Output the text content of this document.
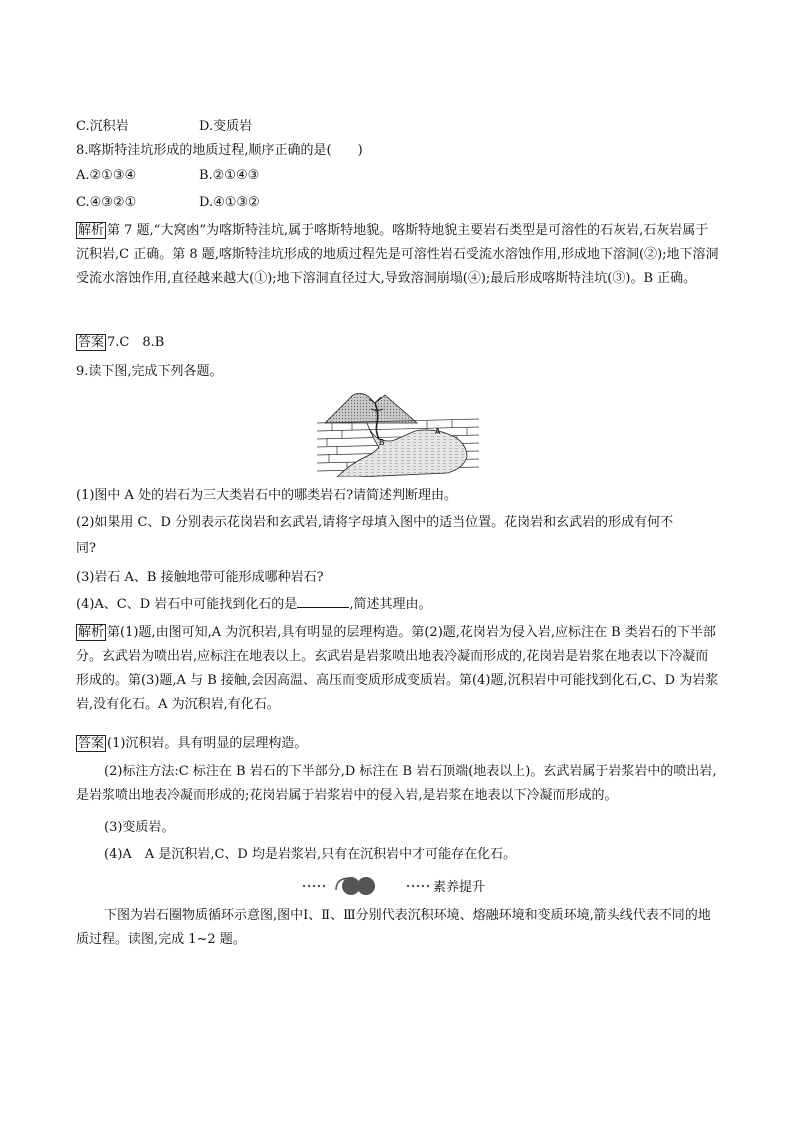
C.沉积岩	D.变质岩
8.喀斯特洼坑形成的地质过程,顺序正确的是(　　)
A.②①③④	B.②①④③
C.④③②①	D.④①③②
解析 第 7 题,“大窝凼”为喀斯特洼坑,属于喀斯特地貌。喀斯特地貌主要岩石类型是可溶性的石灰岩,石灰岩属于沉积岩,C 正确。第 8 题,喀斯特洼坑形成的地质过程先是可溶性岩石受流水溶蚀作用,形成地下溶洞(②);地下溶洞受流水溶蚀作用,直径越来越大(①);地下溶洞直径过大,导致溶洞崩塌(④);最后形成喀斯特洼坑(③)。B 正确。
答案 7.C　8.B
9.读下图,完成下列各题。
B
A
(1)图中 A 处的岩石为三大类岩石中的哪类岩石?请简述判断理由。
(2)如果用 C、D 分别表示花岗岩和玄武岩,请将字母填入图中的适当位置。花岗岩和玄武岩的形成有何不
同?
(3)岩石 A、B 接触地带可能形成哪种岩石?
(4)A、C、D 岩石中可能找到化石的是	,简述其理由。
解析 第(1)题,由图可知,A 为沉积岩,具有明显的层理构造。第(2)题,花岗岩为侵入岩,应标注在 B 类岩石的下半部分。玄武岩为喷出岩,应标注在地表以上。玄武岩是岩浆喷出地表冷凝而形成的,花岗岩是岩浆在地表以下冷凝而形成的。第(3)题,A 与 B 接触,会因高温、高压而变质形成变质岩。第(4)题,沉积岩中可能找到化石,C、D 为岩浆岩,没有化石。A 为沉积岩,有化石。
答案 (1)沉积岩。具有明显的层理构造。
(2)标注方法:C 标注在 B 岩石的下半部分,D 标注在 B 岩石顶端(地表以上)。玄武岩属于岩浆岩中的喷出岩,是岩浆喷出地表冷凝而形成的;花岗岩属于岩浆岩中的侵入岩,是岩浆在地表以下冷凝而形成的。
(3)变质岩。
(4)A　A 是沉积岩,C、D 均是岩浆岩,只有在沉积岩中才可能存在化石。
素养提升
下图为岩石圈物质循环示意图,图中Ⅰ、Ⅱ、Ⅲ分别代表沉积环境、熔融环境和变质环境,箭头线代表不同的地质过程。读图,完成 1~2 题。
